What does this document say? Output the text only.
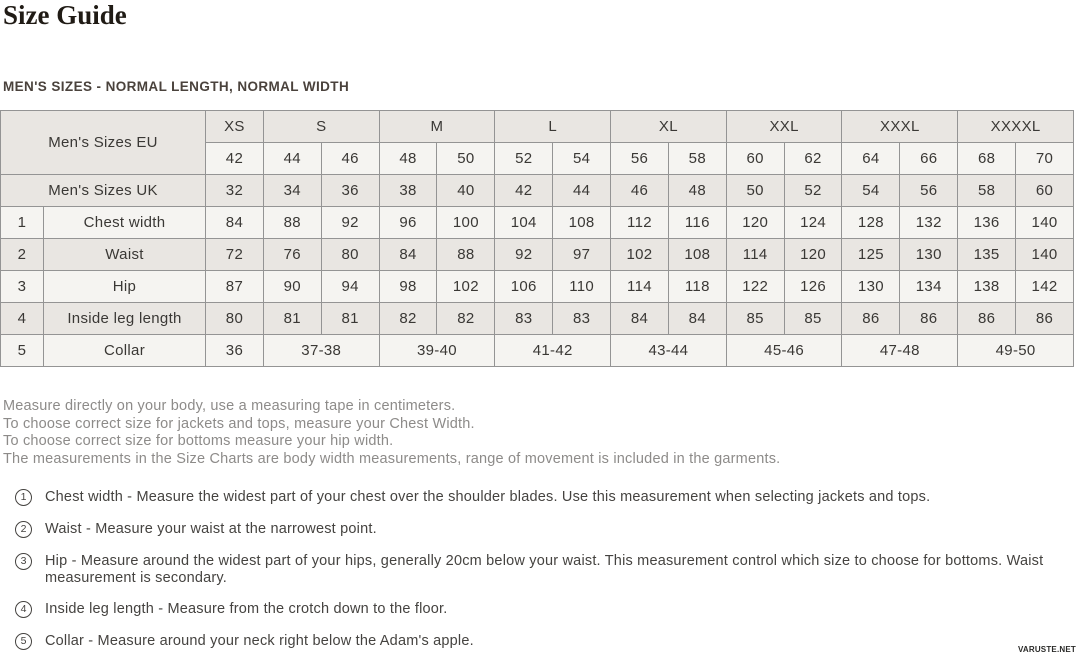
Size Guide
MEN'S SIZES - NORMAL LENGTH, NORMAL WIDTH
Men's Sizes EU		XS	S		M		L		XL		XXL		XXXL		XXXXL	
		42	44	46	48	50	52	54	56	58	60	62	64	66	68	70
Men's Sizes UK		32	34	36	38	40	42	44	46	48	50	52	54	56	58	60
1	Chest width	84	88	92	96	100	104	108	112	116	120	124	128	132	136	140
2	Waist	72	76	80	84	88	92	97	102	108	114	120	125	130	135	140
3	Hip	87	90	94	98	102	106	110	114	118	122	126	130	134	138	142
4	Inside leg length	80	81	81	82	82	83	83	84	84	85	85	86	86	86	86
5	Collar	36	37-38		39-40		41-42		43-44		45-46		47-48		49-50	
Measure directly on your body, use a measuring tape in centimeters.
To choose correct size for jackets and tops, measure your Chest Width.
To choose correct size for bottoms measure your hip width.
The measurements in the Size Charts are body width measurements, range of movement is included in the garments.
1	Chest width - Measure the widest part of your chest over the shoulder blades. Use this measurement when selecting jackets and tops.
2	Waist - Measure your waist at the narrowest point.
3	Hip - Measure around the widest part of your hips, generally 20cm below your waist. This measurement control which size to choose for bottoms. Waist measurement is secondary.
4	Inside leg length - Measure from the crotch down to the floor.
5	Collar - Measure around your neck right below the Adam's apple.
VARUSTE.NET
